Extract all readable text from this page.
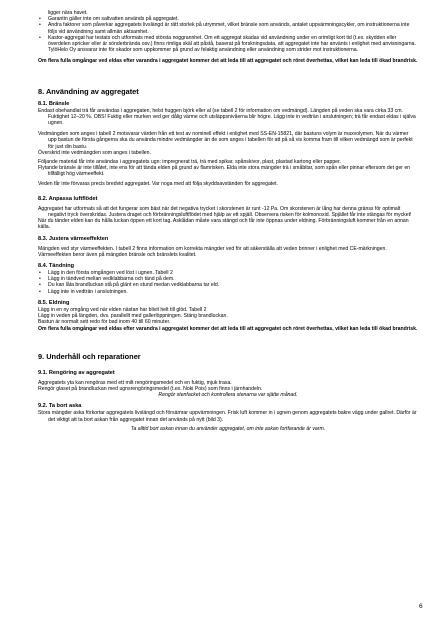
ligger nära havet.

• Garantin gäller inte om saltvatten används på aggregatet.
• Andra faktorer som påverkar aggregatets livslängd är rätt storlek på utrymmet, vilket bränsle som används, antalet uppvärmningscykler, om instruktionerna inte följs vid användning samt allmän aktsamhet.
• Kastor-aggregat har testats och utformats med största noggrannhet. Om ett aggregat skadas vid användning under en orimligt kort tid (t.ex. skydden eller överdelen spricker eller är sönderbrända osv.) finns rimliga skäl att påstå, baserat på forskningsdata, att aggregatet inte har använts i enlighet med anvisningarna. TylöHelo Oy ansvarar inte för skador som uppkommer på grund av felaktig användning eller användning som strider mot instruktionerna.

Om flera fulla omgångar ved eldas efter varandra i aggregatet kommer det att leda till att aggregatet och röret överhettas, vilket kan leda till ökad brandrisk.

8. Användning av aggregatet

8.1. Bränsle

Endast obehandlat trä får användas i aggregaten, helst huggen björk eller al (se tabell 2 för information om vedmängd). Längden på veden ska vara cirka 33 cm. Fuktighet 12–20 %. OBS! Fuktig eller murken ved ger dålig värme och utsläppsnivåerna blir högre. Lägg inte in vedträn i anslutningen; trä får endast eldas i själva ugnen.

Vedmängden som anges i tabell 2 motsvarar värden från ett test av nominell effekt i enlighet med SS-EN-15821, där bastuns volym är maxvolymen. När du värmer upp bastun de första gångerna ska du använda mindre vedmängder än de som anges i tabellen för att på så vis komma fram till vilken vedmängd som är perfekt för just din bastu.

Överskrid inte vedmängden som anges i tabellen.

Följande material får inte användas i aggregatets ugn: impregnerat trä, trä med spikar, spånskivor, plast, plastad kartong eller papper.

Flytande bränsle är inte tillåtet, inte ens för att tända elden på grund av flamrisken. Elda inte stora mängder trä i småbitar, som spån eller pinnar eftersom det ger en tillfälligt hög värmeeffekt.

Veden får inte förvaras precis bredvid aggregatet. Var noga med att följa skyddsavständen för aggregatet.

8.2. Anpassa luftflödet

Aggregatet har utformats så att det fungerar som bäst när det negativa trycket i skorstenen är runt -12 Pa. Om skorstenen är lång har denna gränss för optimalt negativt tryck överskridas. Justera draget och förbränningsluftflödet med hjälp av ett spjäll. Observera risken för kolmonoxid. Spjället får inte stängas för mycket!

När du tänder elden kan du hålla luckan öppen ett kort tag. Asklådan måste vara stängd och får inte öppnas under eldning. Förbränningsluft kommer från en annan källa.

8.3. Justera värmeeffekten

Mängden ved styr värmeeffekten. I tabell 2 finns information om korrekta mängder ved för att säkerställa att veden brinner i enlighet med CE-märkningen.

Värmeeffekten beror även på mängden bränsle och bränslets kvalitet.

8.4. Tändning

• Lägg in den första omgången ved löst i ugnen. Tabell 2
• Lägg in tändved mellan vedklabbarna och tänd på dem.
• Du kan låta brandluckan stå på glänt en stund medan vedklabbarna tar eld.
• Lägg inte in vedträn i anslutningen.

8.5. Eldning

Lägg in en ny omgång ved när elden nästan har blivit helt till glöd. Tabell 2

Lägg in veden på längden, dvs. parallellt med gallerlöppningen. Stäng brandluckan.

Bastun är normalt sett redo för bad inom 40 till 60 minuter.

Om flera fulla omgångar ved eldas efter varandra i aggregatet kommer det att leda till att aggregatet och röret överhettas, vilket kan leda till ökad brandrisk.

9. Underhåll och reparationer

9.1. Rengöring av aggregatet

Aggregatets yta kan rengöras med ett milt rengöringsmedel och en fuktig, mjuk trasa.

Rengör glaset på brandluckan med ugnsrengöringsmedel (t.ex. Noki Pois) som finns i järnhandeln.

Rengör stenfacket och kontrollera stenarna var sjätte månad.

9.2. Ta bort aska

Stora mängder aska förkortar aggregatets livslängd och försämrar uppvärmningen. Frisk luft kommer in i ugnen genom aggregatets bakre vägg under gallret. Därför är det viktigt att ta bort askan från aggregatet innan det används på nytt (bild 3).

Ta alltid bort askan innan du använder aggregatet, om inte askan fortfarande är varm.

6
